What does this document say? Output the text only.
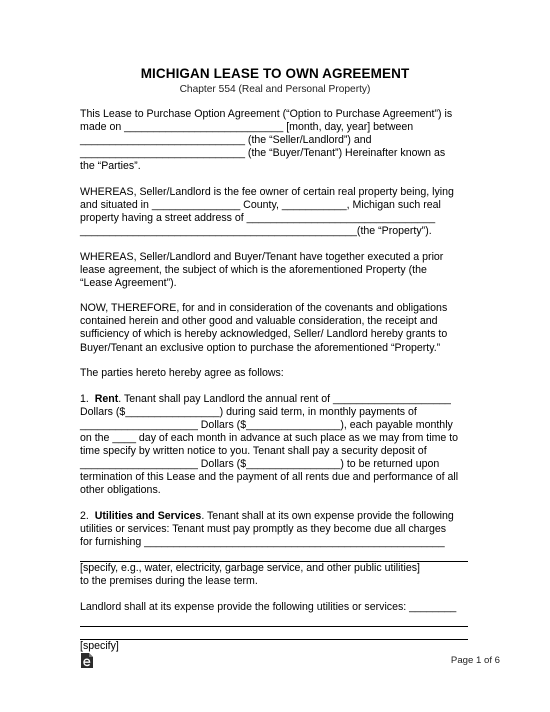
MICHIGAN LEASE TO OWN AGREEMENT
Chapter 554 (Real and Personal Property)

This Lease to Purchase Option Agreement (“Option to Purchase Agreement”) is
made on ___________________________ [month, day, year] between
____________________________ (the “Seller/Landlord”) and
____________________________ (the “Buyer/Tenant”) Hereinafter known as
the “Parties”.

WHEREAS, Seller/Landlord is the fee owner of certain real property being, lying
and situated in _______________ County, ___________, Michigan such real
property having a street address of ________________________________
_______________________________________________(the “Property”).

WHEREAS, Seller/Landlord and Buyer/Tenant have together executed a prior
lease agreement, the subject of which is the aforementioned Property (the
“Lease Agreement”).

NOW, THEREFORE, for and in consideration of the covenants and obligations
contained herein and other good and valuable consideration, the receipt and
sufficiency of which is hereby acknowledged, Seller/ Landlord hereby grants to
Buyer/Tenant an exclusive option to purchase the aforementioned “Property.”

The parties hereto hereby agree as follows:

1. Rent. Tenant shall pay Landlord the annual rent of ____________________
Dollars ($________________) during said term, in monthly payments of
____________________ Dollars ($________________), each payable monthly
on the ____ day of each month in advance at such place as we may from time to
time specify by written notice to you. Tenant shall pay a security deposit of
____________________ Dollars ($________________) to be returned upon
termination of this Lease and the payment of all rents due and performance of all
other obligations.

2. Utilities and Services. Tenant shall at its own expense provide the following
utilities or services: Tenant must pay promptly as they become due all charges
for furnishing ___________________________________________________

[specify, e.g., water, electricity, garbage service, and other public utilities]
to the premises during the lease term.

Landlord shall at its expense provide the following utilities or services: ________

[specify]

Page 1 of 6
